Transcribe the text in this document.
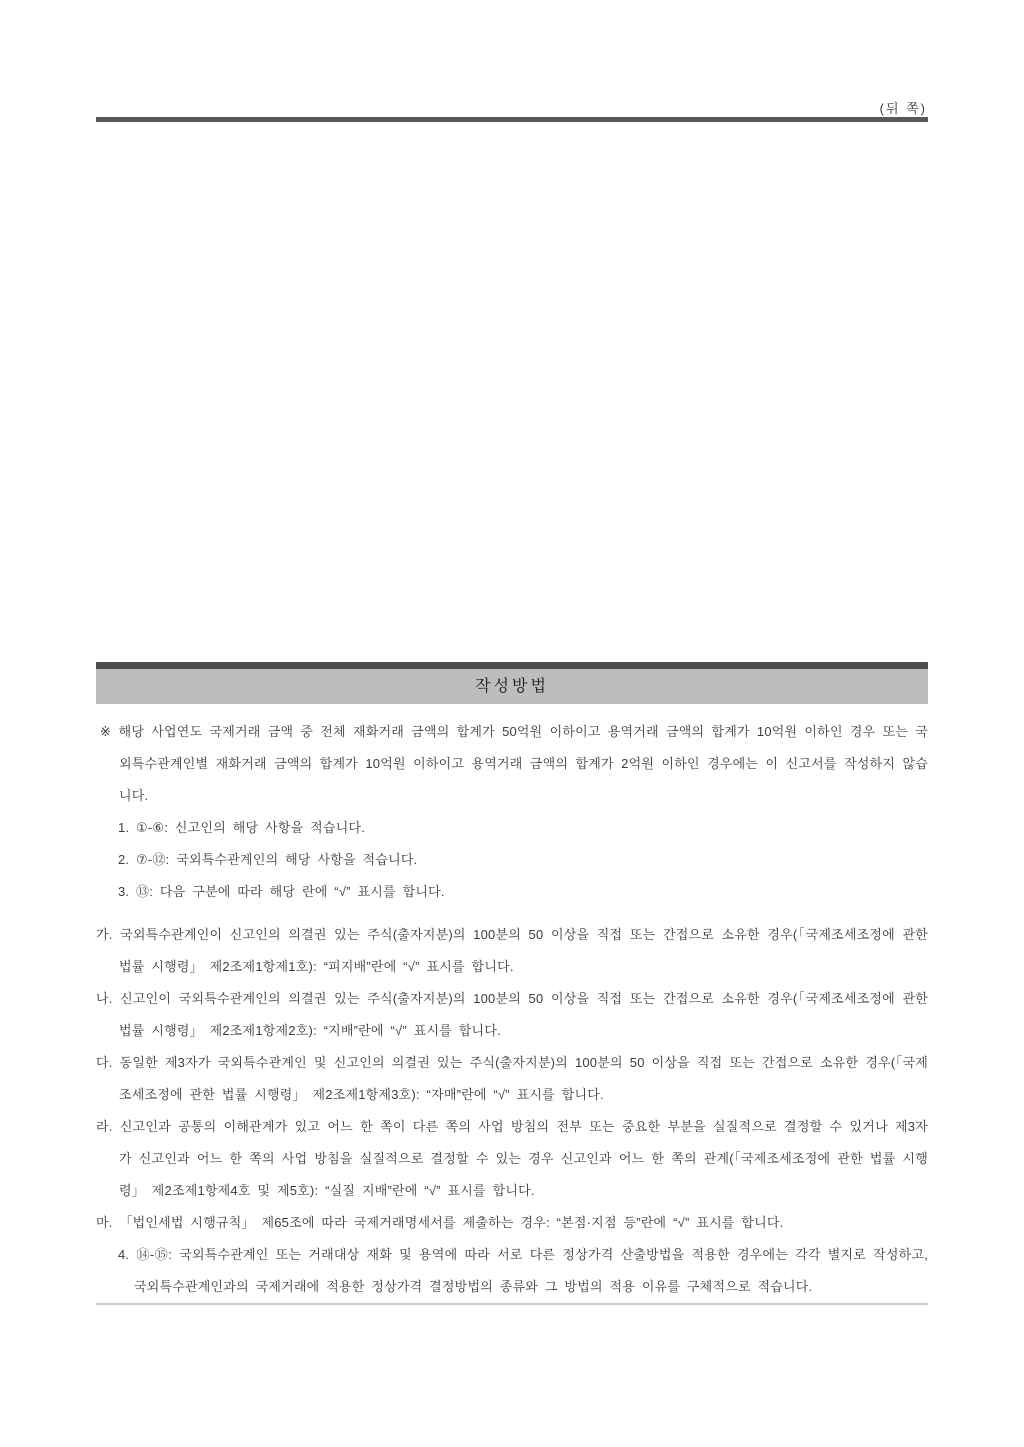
(뒤 쪽)
작성방법

※ 해당 사업연도 국제거래 금액 중 전체 재화거래 금액의 합계가 50억원 이하이고 용역거래 금액의 합계가 10억원 이하인 경우 또는 국외특수관계인별 재화거래 금액의 합계가 10억원 이하이고 용역거래 금액의 합계가 2억원 이하인 경우에는 이 신고서를 작성하지 않습니다.

1. ①-⑥: 신고인의 해당 사항을 적습니다.

2. ⑦-⑫: 국외특수관계인의 해당 사항을 적습니다.

3. ⑬: 다음 구분에 따라 해당 란에 “√” 표시를 합니다.

가. 국외특수관계인이 신고인의 의결권 있는 주식(출자지분)의 100분의 50 이상을 직접 또는 간접으로 소유한 경우(「국제조세조정에 관한 법률 시행령」 제2조제1항제1호): “피지배”란에 “√” 표시를 합니다.

나. 신고인이 국외특수관계인의 의결권 있는 주식(출자지분)의 100분의 50 이상을 직접 또는 간접으로 소유한 경우(「국제조세조정에 관한 법률 시행령」 제2조제1항제2호): “지배”란에 “√” 표시를 합니다.

다. 동일한 제3자가 국외특수관계인 및 신고인의 의결권 있는 주식(출자지분)의 100분의 50 이상을 직접 또는 간접으로 소유한 경우(「국제조세조정에 관한 법률 시행령」 제2조제1항제3호): “자매”란에 “√” 표시를 합니다.

라. 신고인과 공통의 이해관계가 있고 어느 한 쪽이 다른 쪽의 사업 방침의 전부 또는 중요한 부분을 실질적으로 결정할 수 있거나 제3자가 신고인과 어느 한 쪽의 사업 방침을 실질적으로 결정할 수 있는 경우 신고인과 어느 한 쪽의 관계(「국제조세조정에 관한 법률 시행령」 제2조제1항제4호 및 제5호): “실질 지배”란에 “√” 표시를 합니다.

마. 「법인세법 시행규칙」 제65조에 따라 국제거래명세서를 제출하는 경우: “본점·지점 등”란에 “√” 표시를 합니다.

4. ⑭-⑮: 국외특수관계인 또는 거래대상 재화 및 용역에 따라 서로 다른 정상가격 산출방법을 적용한 경우에는 각각 별지로 작성하고, 국외특수관계인과의 국제거래에 적용한 정상가격 결정방법의 종류와 그 방법의 적용 이유를 구체적으로 적습니다.
